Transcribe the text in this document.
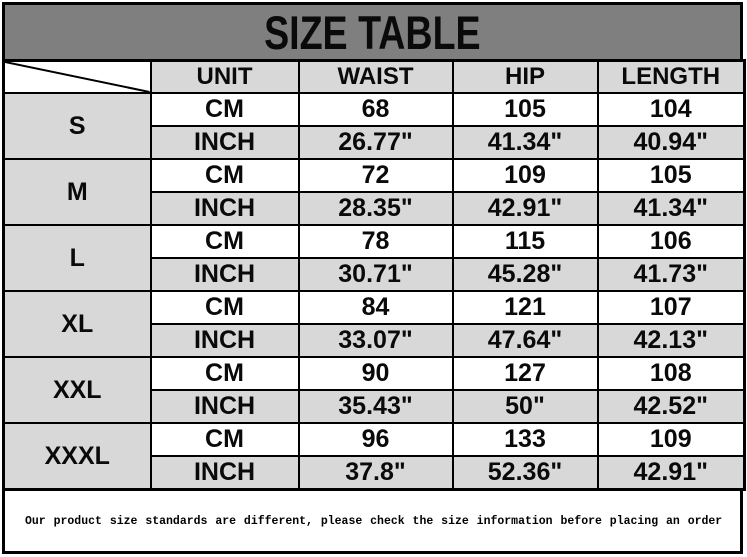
SIZE TABLE
	UNIT	WAIST	HIP	LENGTH
S	CM	68	105	104
	INCH	26.77"	41.34"	40.94"
M	CM	72	109	105
	INCH	28.35"	42.91"	41.34"
L	CM	78	115	106
	INCH	30.71"	45.28"	41.73"
XL	CM	84	121	107
	INCH	33.07"	47.64"	42.13"
XXL	CM	90	127	108
	INCH	35.43"	50"	42.52"
XXXL	CM	96	133	109
	INCH	37.8"	52.36"	42.91"
Our product size standards are different, please check the size information before placing an order
